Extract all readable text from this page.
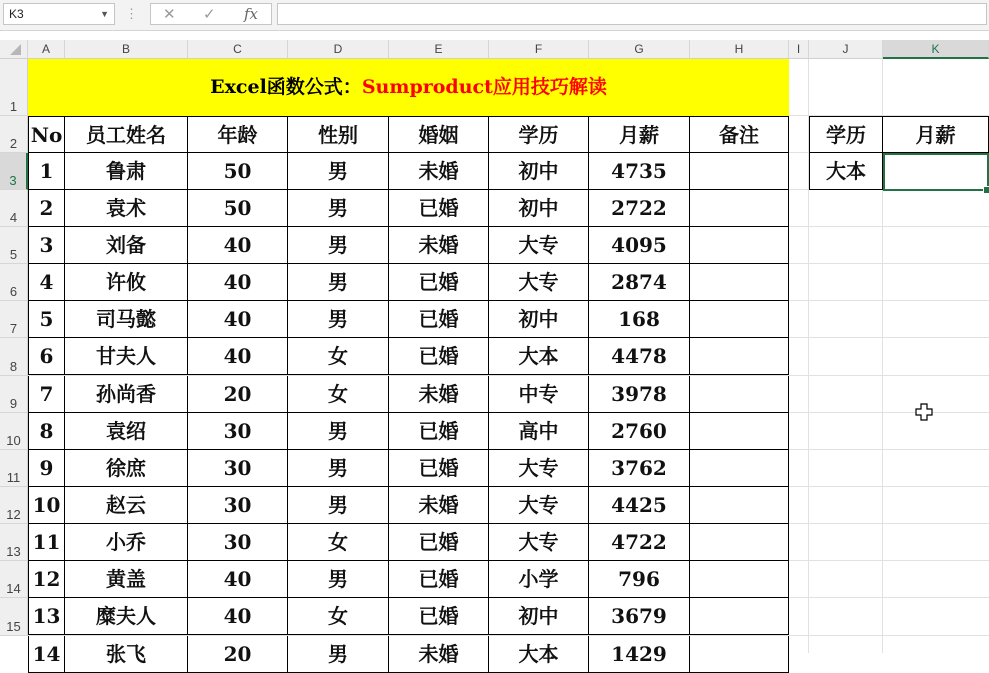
K3	▼ ⋮ ✕ ✓ fx
A	B	C	D	E	F	G	H	I	J	K
1
2
3
4
5
6
7
8
9
10
11
12
13
14
15
Excel函数公式：Sumproduct应用技巧解读
No	员工姓名	年龄	性别	婚姻	学历	月薪	备注
1	鲁肃	50	男	未婚	初中	4735
2	袁术	50	男	已婚	初中	2722
3	刘备	40	男	未婚	大专	4095
4	许攸	40	男	已婚	大专	2874
5	司马懿	40	男	已婚	初中	168
6	甘夫人	40	女	已婚	大本	4478
7	孙尚香	20	女	未婚	中专	3978
8	袁绍	30	男	已婚	高中	2760
9	徐庶	30	男	已婚	大专	3762
10	赵云	30	男	未婚	大专	4425
11	小乔	30	女	已婚	大专	4722
12	黄盖	40	男	已婚	小学	796
13	糜夫人	40	女	已婚	初中	3679
14	张飞	20	男	未婚	大本	1429
学历	月薪
大本
